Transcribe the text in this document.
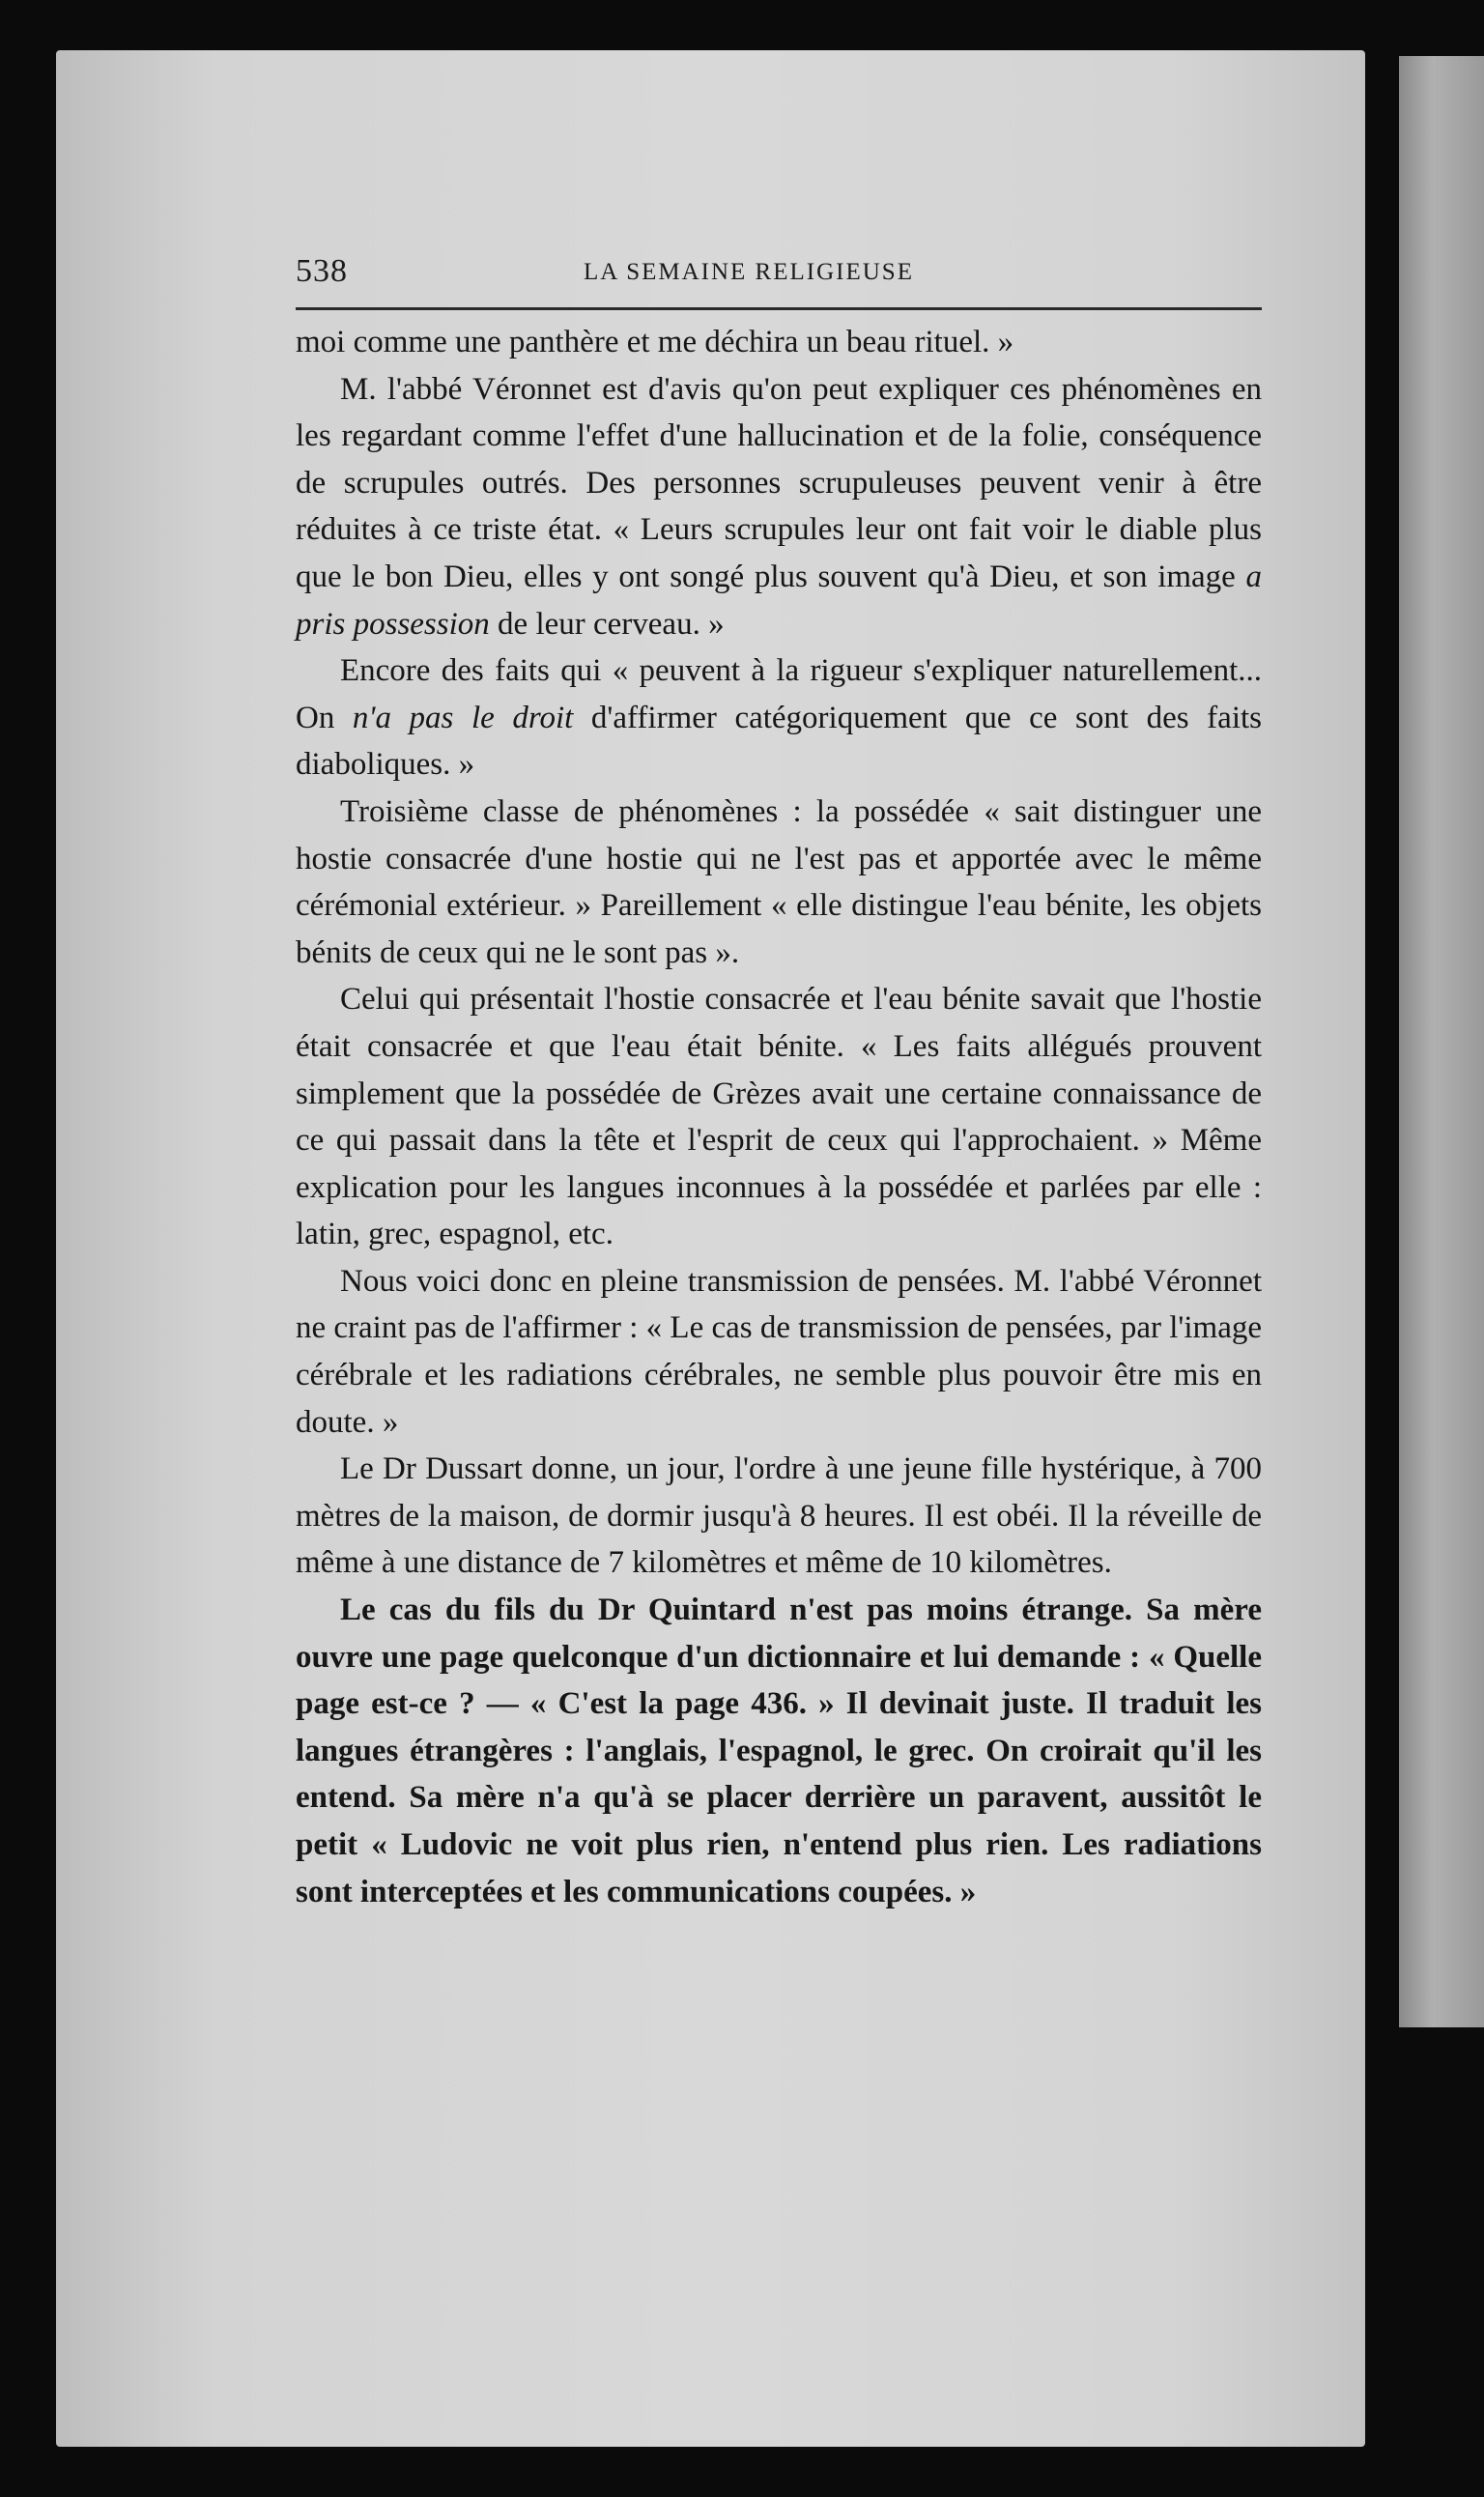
538	LA SEMAINE RELIGIEUSE

moi comme une panthère et me déchira un beau rituel. »

M. l'abbé Véronnet est d'avis qu'on peut expliquer ces phénomènes en les regardant comme l'effet d'une hallucination et de la folie, conséquence de scrupules outrés. Des personnes scrupuleuses peuvent venir à être réduites à ce triste état. « Leurs scrupules leur ont fait voir le diable plus que le bon Dieu, elles y ont songé plus souvent qu'à Dieu, et son image a pris possession de leur cerveau. »

Encore des faits qui « peuvent à la rigueur s'expliquer naturellement... On n'a pas le droit d'affirmer catégoriquement que ce sont des faits diaboliques. »

Troisième classe de phénomènes : la possédée « sait distinguer une hostie consacrée d'une hostie qui ne l'est pas et apportée avec le même cérémonial extérieur. » Pareillement « elle distingue l'eau bénite, les objets bénits de ceux qui ne le sont pas ».

Celui qui présentait l'hostie consacrée et l'eau bénite savait que l'hostie était consacrée et que l'eau était bénite. « Les faits allégués prouvent simplement que la possédée de Grèzes avait une certaine connaissance de ce qui passait dans la tête et l'esprit de ceux qui l'approchaient. » Même explication pour les langues inconnues à la possédée et parlées par elle : latin, grec, espagnol, etc.

Nous voici donc en pleine transmission de pensées. M. l'abbé Véronnet ne craint pas de l'affirmer : « Le cas de transmission de pensées, par l'image cérébrale et les radiations cérébrales, ne semble plus pouvoir être mis en doute. »

Le Dr Dussart donne, un jour, l'ordre à une jeune fille hystérique, à 700 mètres de la maison, de dormir jusqu'à 8 heures. Il est obéi. Il la réveille de même à une distance de 7 kilomètres et même de 10 kilomètres.

Le cas du fils du Dr Quintard n'est pas moins étrange. Sa mère ouvre une page quelconque d'un dictionnaire et lui demande : « Quelle page est-ce ? — « C'est la page 436. » Il devinait juste. Il traduit les langues étrangères : l'anglais, l'espagnol, le grec. On croirait qu'il les entend. Sa mère n'a qu'à se placer derrière un paravent, aussitôt le petit « Ludovic ne voit plus rien, n'entend plus rien. Les radiations sont interceptées et les communications coupées. »
